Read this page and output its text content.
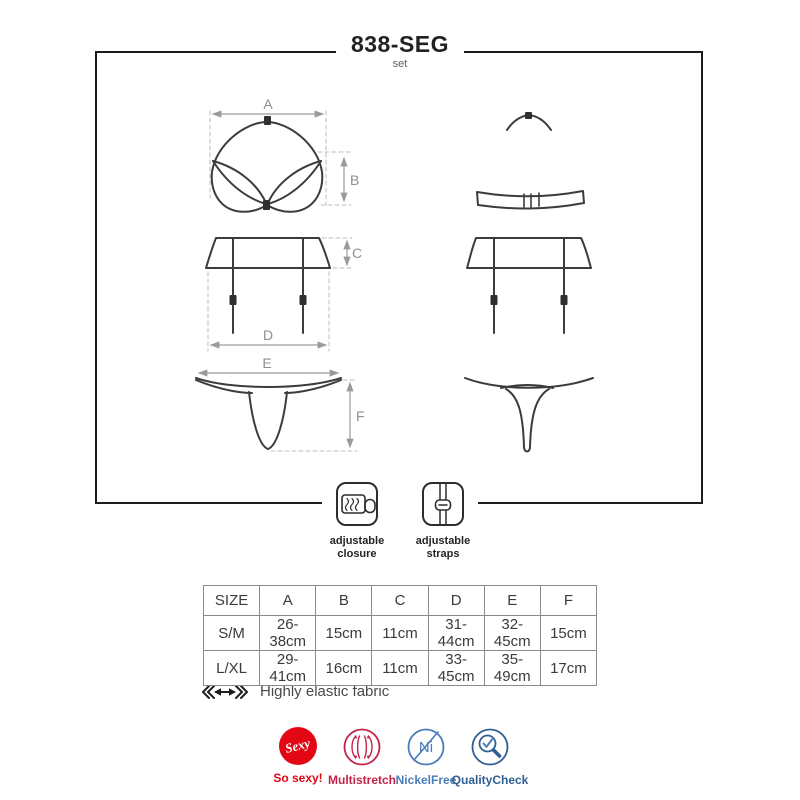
A
B
C
D
E
F
838-SEG
set
adjustable closure
adjustable straps
SIZE	A	B	C	D	E	F
S/M	26-38cm	15cm	11cm	31-44cm	32-45cm	15cm
L/XL	29-41cm	16cm	11cm	33-45cm	35-49cm	17cm
Highly elastic fabric
Sexy
So sexy! Multistretch
Ni
NickelFree
QualityCheck
